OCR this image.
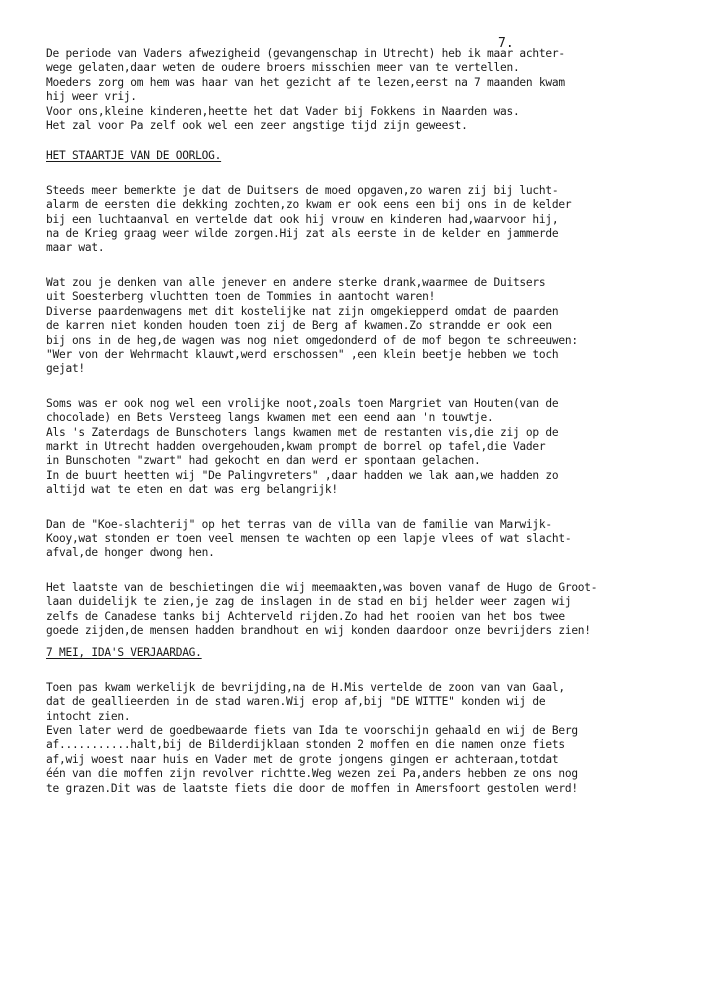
7.
De periode van Vaders afwezigheid (gevangenschap in Utrecht) heb ik maar achter-
wege gelaten,daar weten de oudere broers misschien meer van te vertellen.
Moeders zorg om hem was haar van het gezicht af te lezen,eerst na 7 maanden kwam
hij weer vrij.
Voor ons,kleine kinderen,heette het dat Vader bij Fokkens in Naarden was.
Het zal voor Pa zelf ook wel een zeer angstige tijd zijn geweest.
HET STAARTJE VAN DE OORLOG.
Steeds meer bemerkte je dat de Duitsers de moed opgaven,zo waren zij bij lucht-
alarm de eersten die dekking zochten,zo kwam er ook eens een bij ons in de kelder
bij een luchtaanval en vertelde dat ook hij vrouw en kinderen had,waarvoor hij,
na de Krieg graag weer wilde zorgen.Hij zat als eerste in de kelder en jammerde
maar wat.
Wat zou je denken van alle jenever en andere sterke drank,waarmee de Duitsers
uit Soesterberg vluchtten toen de Tommies in aantocht waren!
Diverse paardenwagens met dit kostelijke nat zijn omgekiepperd omdat de paarden
de karren niet konden houden toen zij de Berg af kwamen.Zo strandde er ook een
bij ons in de heg,de wagen was nog niet omgedonderd of de mof begon te schreeuwen:
"Wer von der Wehrmacht klauwt,werd erschossen" ,een klein beetje hebben we toch
gejat!
Soms was er ook nog wel een vrolijke noot,zoals toen Margriet van Houten(van de
chocolade) en Bets Versteeg langs kwamen met een eend aan 'n touwtje.
Als 's Zaterdags de Bunschoters langs kwamen met de restanten vis,die zij op de
markt in Utrecht hadden overgehouden,kwam prompt de borrel op tafel,die Vader
in Bunschoten "zwart" had gekocht en dan werd er spontaan gelachen.
In de buurt heetten wij "De Palingvreters" ,daar hadden we lak aan,we hadden zo
altijd wat te eten en dat was erg belangrijk!
Dan de "Koe-slachterij" op het terras van de villa van de familie van Marwijk-
Kooy,wat stonden er toen veel mensen te wachten op een lapje vlees of wat slacht-
afval,de honger dwong hen.
Het laatste van de beschietingen die wij meemaakten,was boven vanaf de Hugo de Groot-
laan duidelijk te zien,je zag de inslagen in de stad en bij helder weer zagen wij
zelfs de Canadese tanks bij Achterveld rijden.Zo had het rooien van het bos twee
goede zijden,de mensen hadden brandhout en wij konden daardoor onze bevrijders zien!
7 MEI, IDA'S VERJAARDAG.
Toen pas kwam werkelijk de bevrijding,na de H.Mis vertelde de zoon van van Gaal,
dat de geallieerden in de stad waren.Wij erop af,bij "DE WITTE" konden wij de
intocht zien.
Even later werd de goedbewaarde fiets van Ida te voorschijn gehaald en wij de Berg
af...........halt,bij de Bilderdijklaan stonden 2 moffen en die namen onze fiets
af,wij woest naar huis en Vader met de grote jongens gingen er achteraan,totdat
één van die moffen zijn revolver richtte.Weg wezen zei Pa,anders hebben ze ons nog
te grazen.Dit was de laatste fiets die door de moffen in Amersfoort gestolen werd!
